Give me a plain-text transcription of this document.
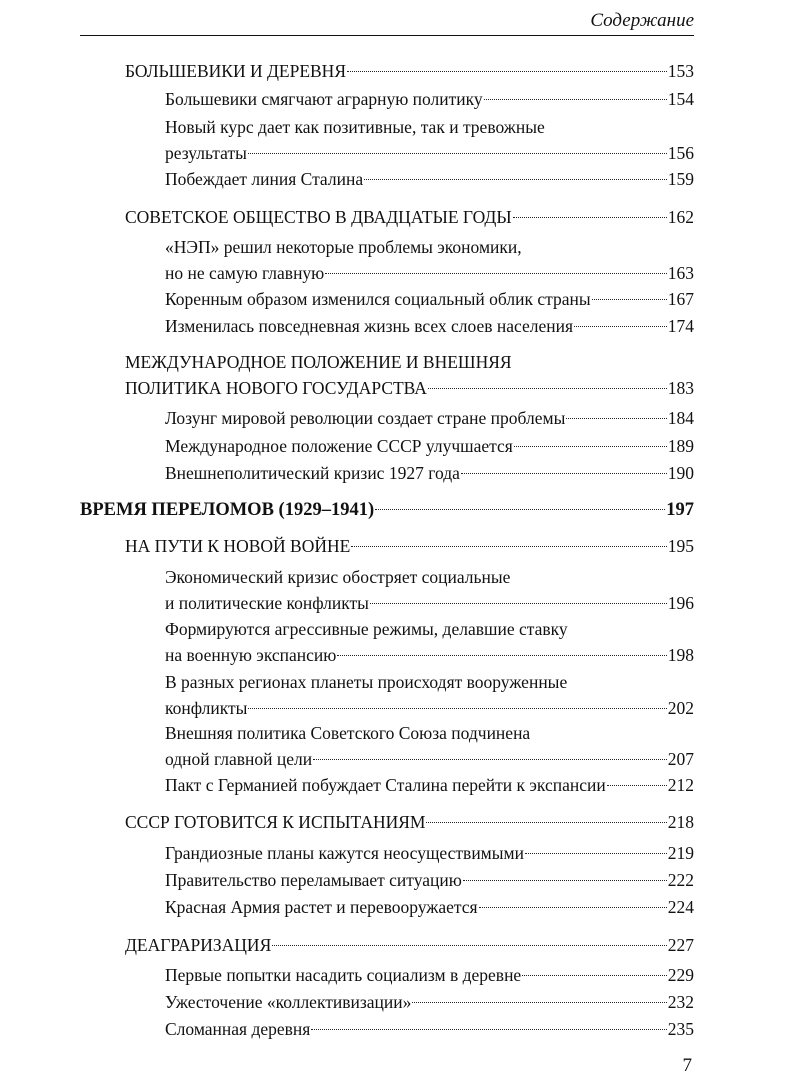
Содержание
БОЛЬШЕВИКИ И ДЕРЕВНЯ	153
Большевики смягчают аграрную политику	154
Новый курс дает как позитивные, так и тревожные
результаты	156
Побеждает линия Сталина	159
СОВЕТСКОЕ ОБЩЕСТВО В ДВАДЦАТЫЕ ГОДЫ	162
«НЭП» решил некоторые проблемы экономики,
но не самую главную	163
Коренным образом изменился социальный облик страны	167
Изменилась повседневная жизнь всех слоев населения	174
МЕЖДУНАРОДНОЕ ПОЛОЖЕНИЕ И ВНЕШНЯЯ
ПОЛИТИКА НОВОГО ГОСУДАРСТВА	183
Лозунг мировой революции создает стране проблемы	184
Международное положение СССР улучшается	189
Внешнеполитический кризис 1927 года	190
ВРЕМЯ ПЕРЕЛОМОВ (1929–1941)	197
НА ПУТИ К НОВОЙ ВОЙНЕ	195
Экономический кризис обостряет социальные
и политические конфликты	196
Формируются агрессивные режимы, делавшие ставку
на военную экспансию	198
В разных регионах планеты происходят вооруженные
конфликты	202
Внешняя политика Советского Союза подчинена
одной главной цели	207
Пакт с Германией побуждает Сталина перейти к экспансии	212
СССР ГОТОВИТСЯ К ИСПЫТАНИЯМ	218
Грандиозные планы кажутся неосуществимыми	219
Правительство переламывает ситуацию	222
Красная Армия растет и перевооружается	224
ДЕАГРАРИЗАЦИЯ	227
Первые попытки насадить социализм в деревне	229
Ужесточение «коллективизации»	232
Сломанная деревня	235
7
